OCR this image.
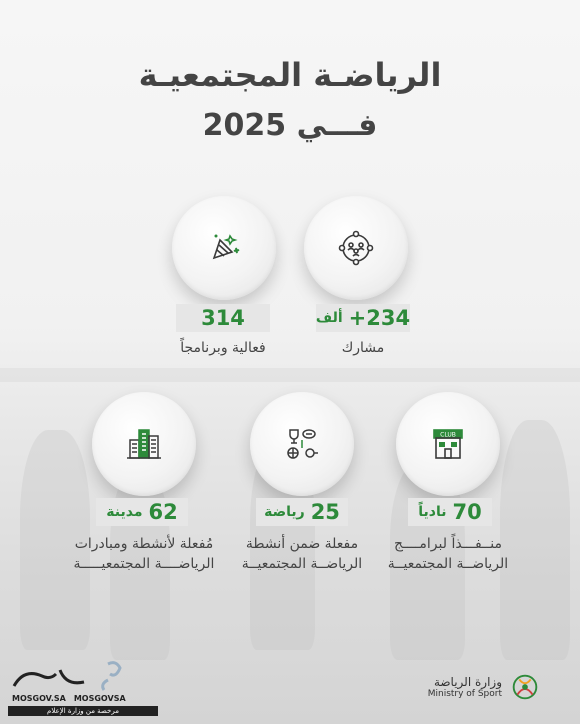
الرياضـة المجتمعيـة
فـــي 2025
+234
ألف
مشارك
314
فعالية وبرنامجاً
CLUB
70
نادياً
منــفـــذاً لبرامــــج
الرياضــة المجتمعيــة
25
رياضة
مفعلة ضمن أنشطة
الرياضــة المجتمعيــة
62
مدينة
مُفعلة لأنشطة ومبادرات
الرياضــــة المجتمعيـــــة
MOSGOV.SA MOSGOVSA
مرخصة من وزارة الإعلام
وزارة الرياضة
Ministry of Sport
